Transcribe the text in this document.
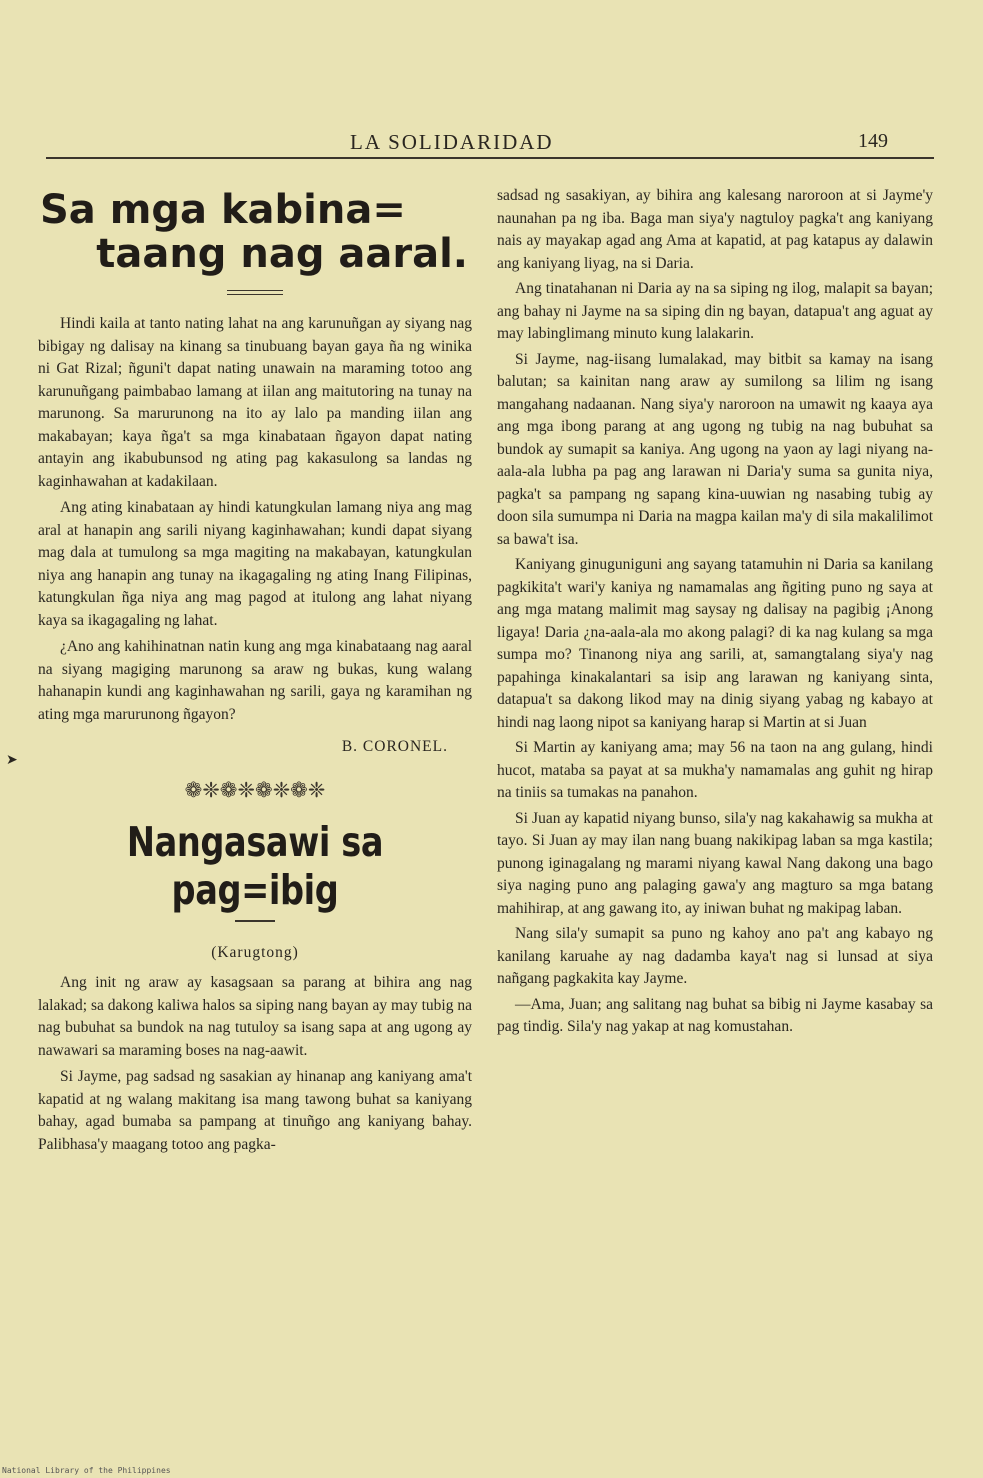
LA SOLIDARIDAD	149
➤
Sa mga kabina=
taang nag aaral.

Hindi kaila at tanto nating lahat na ang karunuñgan ay siyang nag bibigay ng dalisay na kinang sa tinubuang bayan gaya ña ng winika ni Gat Rizal; ñguni't dapat nating unawain na maraming totoo ang karunuñgang paimbabao lamang at iilan ang maitutoring na tunay na marunong. Sa marurunong na ito ay lalo pa manding iilan ang makabayan; kaya ñga't sa mga kinabataan ñgayon dapat nating antayin ang ikabubunsod ng ating pag kakasulong sa landas ng kaginhawahan at kadakilaan.

Ang ating kinabataan ay hindi katungkulan lamang niya ang mag aral at hanapin ang sarili niyang kaginhawahan; kundi dapat siyang mag dala at tumulong sa mga magiting na makabayan, katungkulan niya ang hanapin ang tunay na ikagagaling ng ating Inang Filipinas, katungkulan ñga niya ang mag pagod at itulong ang lahat niyang kaya sa ikagagaling ng lahat.

¿Ano ang kahihinatnan natin kung ang mga kinabataang nag aaral na siyang magiging marunong sa araw ng bukas, kung walang hahanapin kundi ang kaginhawahan ng sarili, gaya ng karamihan ng ating mga marurunong ñgayon?

B. CORONEL.
❁❈❁❈❁❈❁❈
Nangasawi sa pag=ibig
(Karugtong)

Ang init ng araw ay kasagsaan sa parang at bihira ang nag lalakad; sa dakong kaliwa halos sa siping nang bayan ay may tubig na nag bubuhat sa bundok na nag tutuloy sa isang sapa at ang ugong ay nawawari sa maraming boses na nag-aawit.

Si Jayme, pag sadsad ng sasakian ay hinanap ang kaniyang ama't kapatid at ng walang makitang isa mang tawong buhat sa kaniyang bahay, agad bumaba sa pampang at tinuñgo ang kaniyang bahay. Palibhasa'y maagang totoo ang pagka-

sadsad ng sasakiyan, ay bihira ang kalesang naroroon at si Jayme'y naunahan pa ng iba. Baga man siya'y nagtuloy pagka't ang kaniyang nais ay mayakap agad ang Ama at kapatid, at pag katapus ay dalawin ang kaniyang liyag, na si Daria.

Ang tinatahanan ni Daria ay na sa siping ng ilog, malapit sa bayan; ang bahay ni Jayme na sa siping din ng bayan, datapua't ang aguat ay may labinglimang minuto kung lalakarin.

Si Jayme, nag-iisang lumalakad, may bitbit sa kamay na isang balutan; sa kainitan nang araw ay sumilong sa lilim ng isang mangahang nadaanan. Nang siya'y naroroon na umawit ng kaaya aya ang mga ibong parang at ang ugong ng tubig na nag bubuhat sa bundok ay sumapit sa kaniya. Ang ugong na yaon ay lagi niyang na-aala-ala lubha pa pag ang larawan ni Daria'y suma sa gunita niya, pagka't sa pampang ng sapang kina-uuwian ng nasabing tubig ay doon sila sumumpa ni Daria na magpa kailan ma'y di sila makalilimot sa bawa't isa.

Kaniyang ginuguniguni ang sayang tatamuhin ni Daria sa kanilang pagkikita't wari'y kaniya ng namamalas ang ñgiting puno ng saya at ang mga matang malimit mag saysay ng dalisay na pagibig ¡Anong ligaya! Daria ¿na-aala-ala mo akong palagi? di ka nag kulang sa mga sumpa mo? Tinanong niya ang sarili, at, samangtalang siya'y nag papahinga kinakalantari sa isip ang larawan ng kaniyang sinta, datapua't sa dakong likod may na dinig siyang yabag ng kabayo at hindi nag laong nipot sa kaniyang harap si Martin at si Juan

Si Martin ay kaniyang ama; may 56 na taon na ang gulang, hindi hucot, mataba sa payat at sa mukha'y namamalas ang guhit ng hirap na tiniis sa tumakas na panahon.

Si Juan ay kapatid niyang bunso, sila'y nag kakahawig sa mukha at tayo. Si Juan ay may ilan nang buang nakikipag laban sa mga kastila; punong iginagalang ng marami niyang kawal Nang dakong una bago siya naging puno ang palaging gawa'y ang magturo sa mga batang mahihirap, at ang gawang ito, ay iniwan buhat ng makipag laban.

Nang sila'y sumapit sa puno ng kahoy ano pa't ang kabayo ng kanilang karuahe ay nag dadamba kaya't nag si lunsad at siya nañgang pagkakita kay Jayme.

—Ama, Juan; ang salitang nag buhat sa bibig ni Jayme kasabay sa pag tindig. Sila'y nag yakap at nag komustahan.

National Library of the Philippines
